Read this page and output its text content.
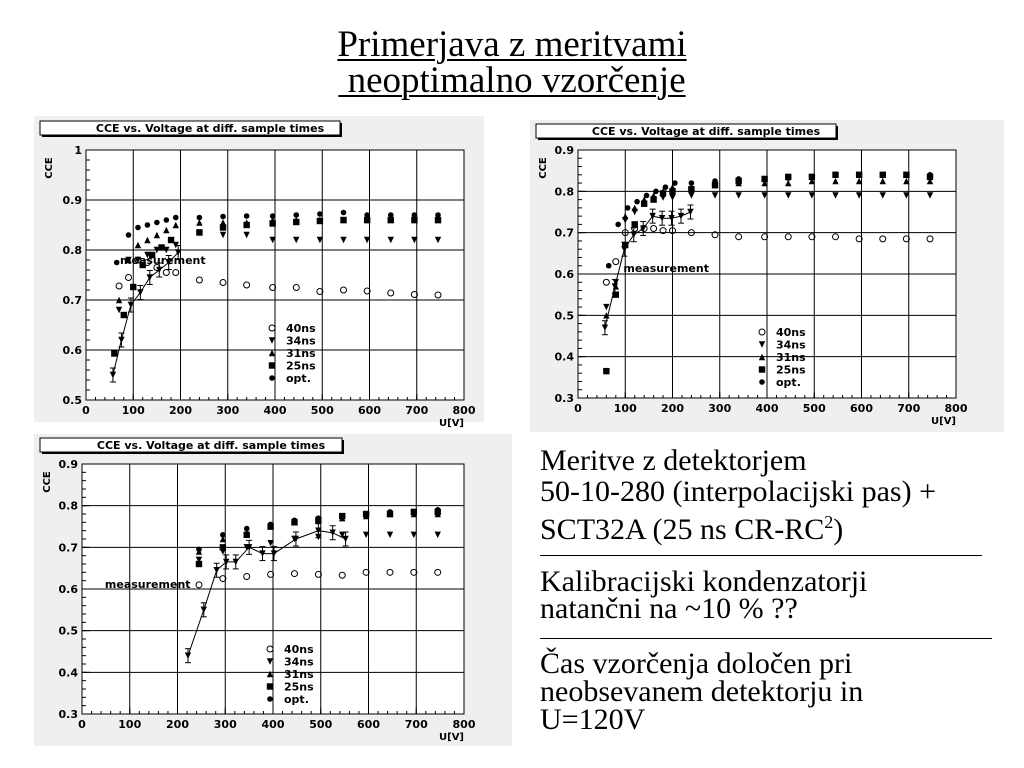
Primerjava z meritvami
neoptimalno vzorčenje
CCE vs. Voltage at diff. sample times
0	100 200 300 400 500 600 700 800
0.5
0.6
0.7
0.8
0.9
1
U[V]
CCE
measurement
40ns
34ns
31ns
25ns
opt.
CCE vs. Voltage at diff. sample times
0	100 200 300 400 500 600 700 800
0.3
0.4
0.5
0.6
0.7
0.8
0.9
U[V]
CCE
measurement
40ns
34ns
31ns
25ns
opt.
CCE vs. Voltage at diff. sample times
0	100 200 300 400 500 600 700 800
0.3
0.4
0.5
0.6
0.7
0.8
0.9
U[V]
CCE
measurement
40ns
34ns
31ns
25ns
opt.

Meritve z detektorjem

50-10-280 (interpolacijski pas) +

SCT32A (25 ns $CR-RC^2$)

Kalibracijski kondenzatorji

natančni na ~10 % ??

Čas vzorčenja določen pri

neobsevanem detektorju in

U=120V
